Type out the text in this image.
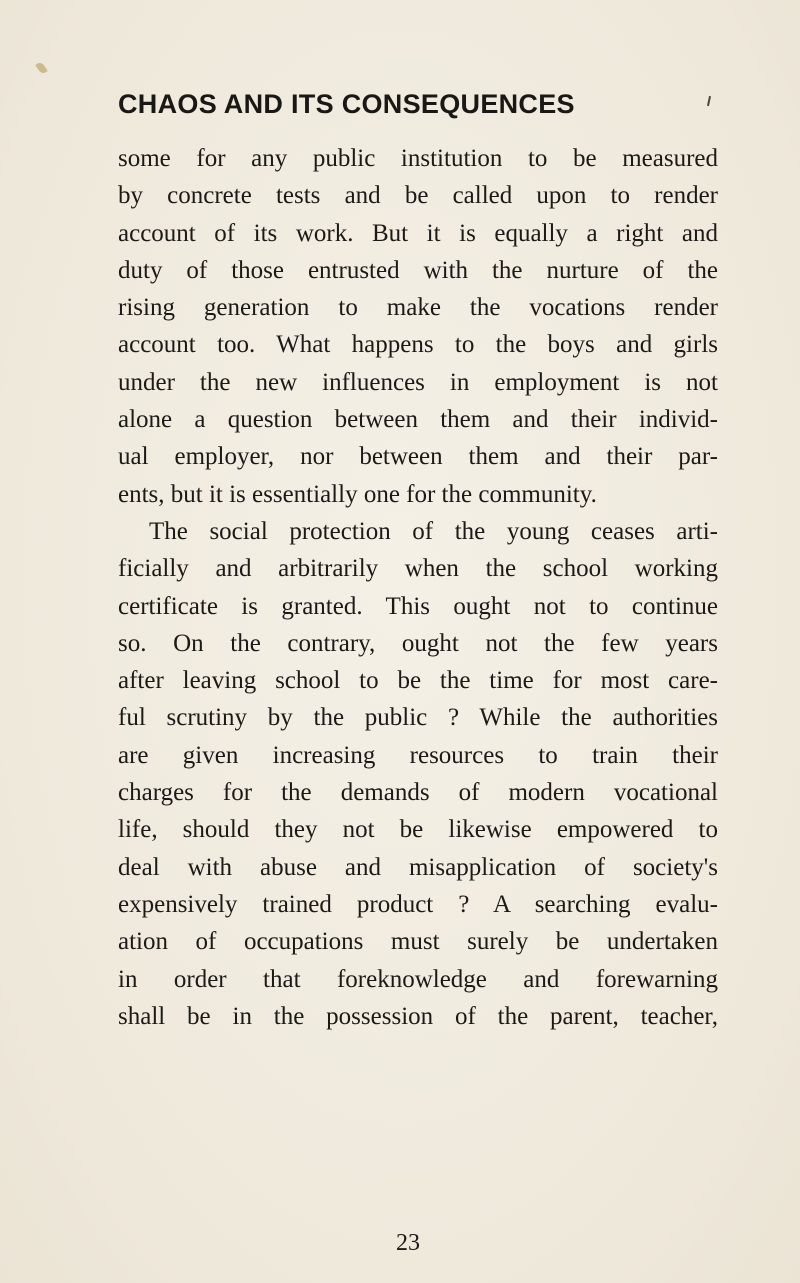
CHAOS AND ITS CONSEQUENCES
some for any public institution to be measured
by concrete tests and be called upon to render
account of its work. But it is equally a right and
duty of those entrusted with the nurture of the
rising generation to make the vocations render
account too. What happens to the boys and girls
under the new influences in employment is not
alone a question between them and their individ-
ual employer, nor between them and their par-
ents, but it is essentially one for the community.
The social protection of the young ceases arti-
ficially and arbitrarily when the school working
certificate is granted. This ought not to continue
so. On the contrary, ought not the few years
after leaving school to be the time for most care-
ful scrutiny by the public ? While the authorities
are given increasing resources to train their
charges for the demands of modern vocational
life, should they not be likewise empowered to
deal with abuse and misapplication of society's
expensively trained product ? A searching evalu-
ation of occupations must surely be undertaken
in order that foreknowledge and forewarning
shall be in the possession of the parent, teacher,
23
